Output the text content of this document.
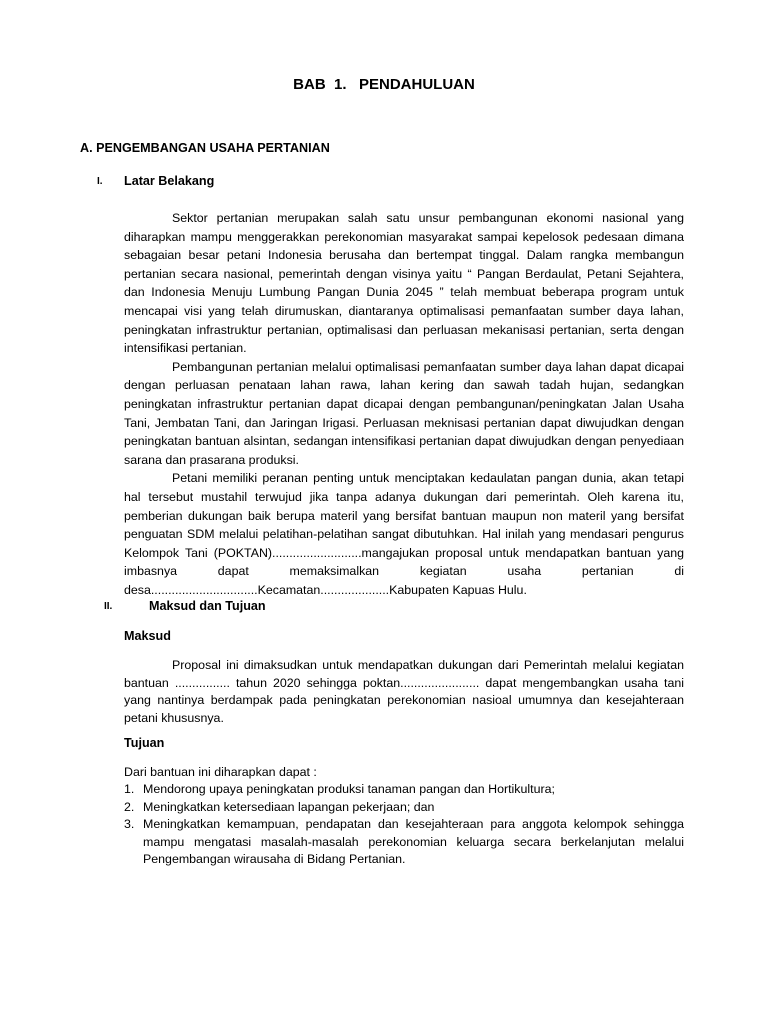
BAB  1.   PENDAHULUAN
A. PENGEMBANGAN USAHA PERTANIAN
I. Latar Belakang

Sektor pertanian merupakan salah satu unsur pembangunan ekonomi nasional yang diharapkan mampu menggerakkan perekonomian masyarakat sampai kepelosok pedesaan dimana sebagaian besar petani Indonesia berusaha dan bertempat tinggal. Dalam rangka membangun pertanian secara nasional, pemerintah dengan visinya yaitu “ Pangan Berdaulat, Petani Sejahtera, dan Indonesia Menuju Lumbung Pangan Dunia 2045 ” telah membuat beberapa program untuk mencapai visi yang telah dirumuskan, diantaranya optimalisasi pemanfaatan sumber daya lahan, peningkatan infrastruktur pertanian, optimalisasi dan perluasan mekanisasi pertanian, serta dengan intensifikasi pertanian.

Pembangunan pertanian melalui optimalisasi pemanfaatan sumber daya lahan dapat dicapai dengan perluasan penataan lahan rawa, lahan kering dan sawah tadah hujan, sedangkan peningkatan infrastruktur pertanian dapat dicapai dengan pembangunan/peningkatan Jalan Usaha Tani, Jembatan Tani, dan Jaringan Irigasi. Perluasan meknisasi pertanian dapat diwujudkan dengan peningkatan bantuan alsintan, sedangan intensifikasi pertanian dapat diwujudkan dengan penyediaan sarana dan prasarana produksi.

Petani memiliki peranan penting untuk menciptakan kedaulatan pangan dunia, akan tetapi hal tersebut mustahil terwujud jika tanpa adanya dukungan dari pemerintah. Oleh karena itu, pemberian dukungan baik berupa materil yang bersifat bantuan maupun non materil yang bersifat penguatan SDM melalui pelatihan-pelatihan sangat dibutuhkan. Hal inilah yang mendasari pengurus Kelompok Tani (POKTAN)..........................mangajukan proposal untuk mendapatkan bantuan yang imbasnya dapat memaksimalkan kegiatan usaha pertanian di

desa...............................Kecamatan....................Kabupaten Kapuas Hulu.

II.	Maksud dan Tujuan
Maksud

Proposal ini dimaksudkan untuk mendapatkan dukungan dari Pemerintah melalui kegiatan bantuan ................ tahun 2020 sehingga poktan....................... dapat mengembangkan usaha tani yang nantinya berdampak pada peningkatan perekonomian nasioal umumnya dan kesejahteraan petani khususnya.

Tujuan
Dari bantuan ini diharapkan dapat :
1. Mendorong upaya peningkatan produksi tanaman pangan dan Hortikultura;
2. Meningkatkan ketersediaan lapangan pekerjaan; dan
3. Meningkatkan kemampuan, pendapatan dan kesejahteraan para anggota kelompok sehingga mampu mengatasi masalah-masalah perekonomian keluarga secara berkelanjutan melalui Pengembangan wirausaha di Bidang Pertanian.
